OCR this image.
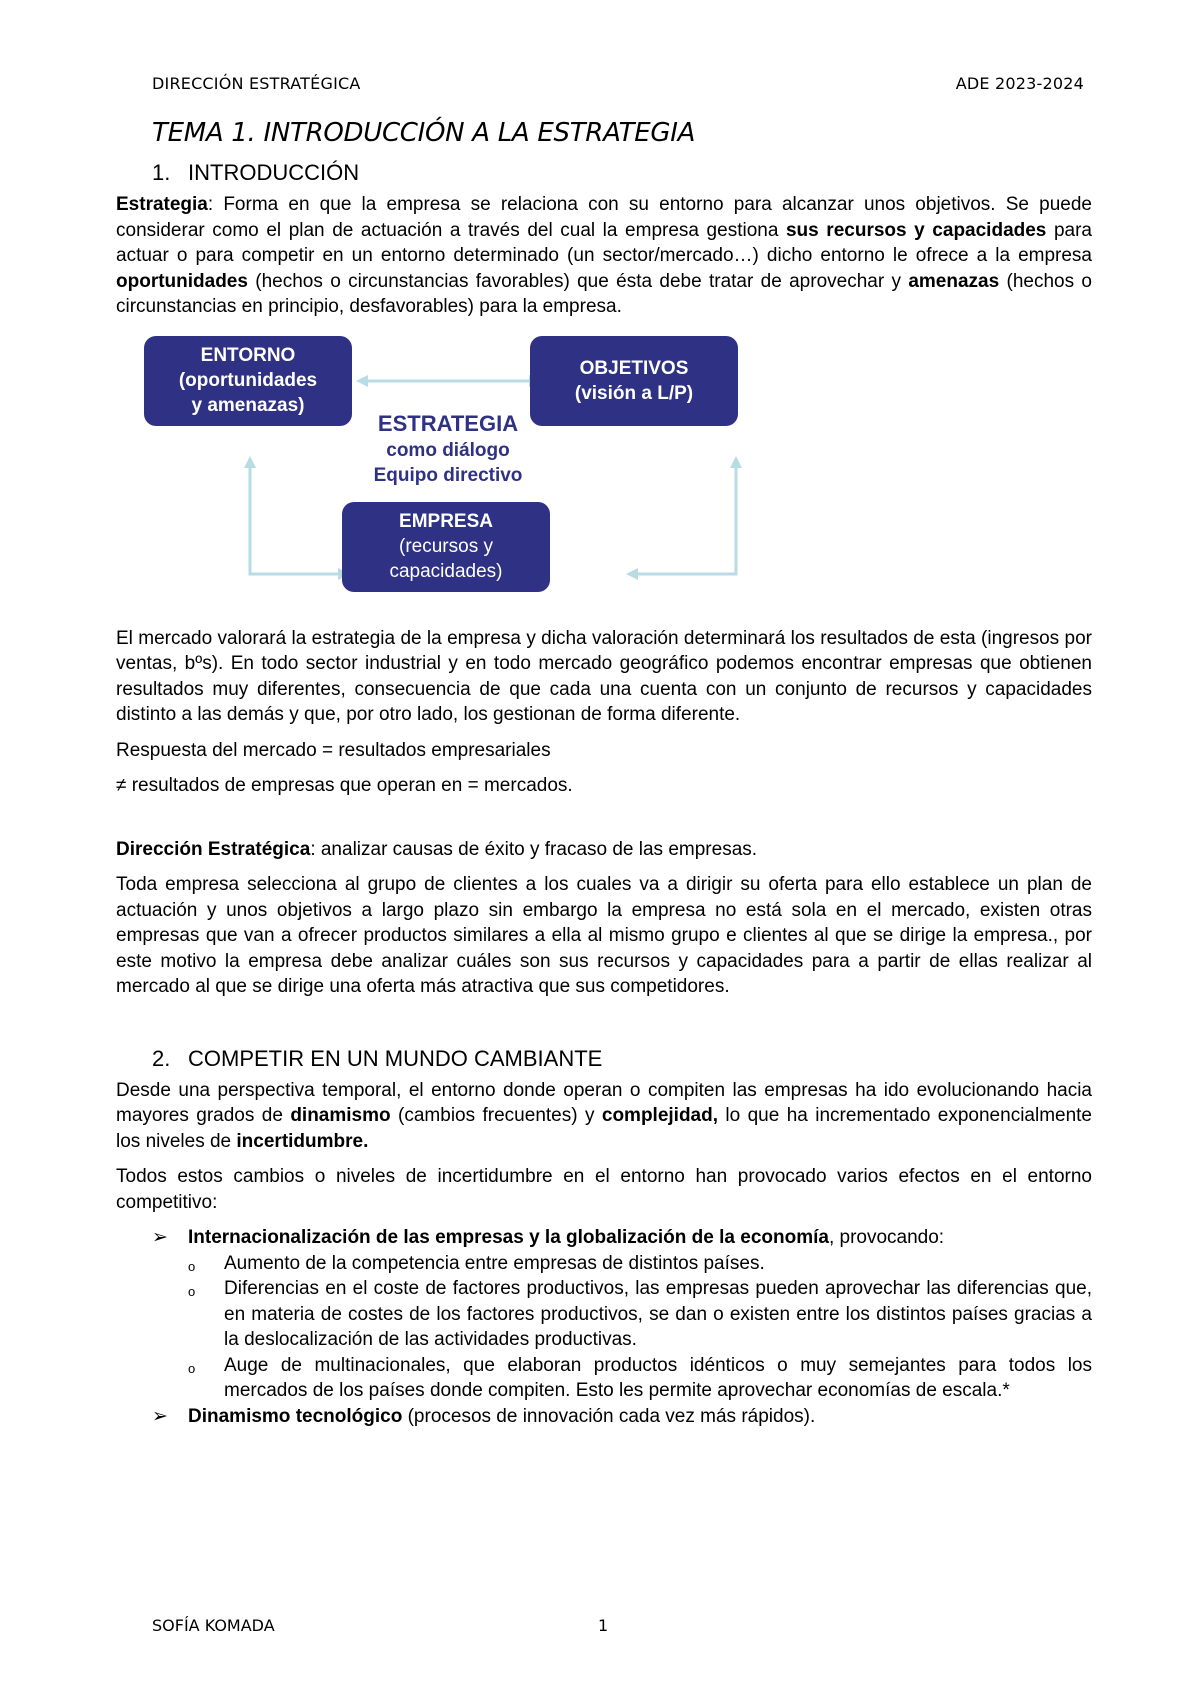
DIRECCIÓN ESTRATÉGICA	ADE 2023-2024
TEMA 1. INTRODUCCIÓN A LA ESTRATEGIA
1. INTRODUCCIÓN

Estrategia: Forma en que la empresa se relaciona con su entorno para alcanzar unos objetivos. Se puede considerar como el plan de actuación a través del cual la empresa gestiona sus recursos y capacidades para actuar o para competir en un entorno determinado (un sector/mercado…) dicho entorno le ofrece a la empresa oportunidades (hechos o circunstancias favorables) que ésta debe tratar de aprovechar y amenazas (hechos o circunstancias en principio, desfavorables) para la empresa.

ENTORNO
(oportunidades
y amenazas)
OBJETIVOS
(visión a L/P)
ESTRATEGIA
como diálogo
Equipo directivo
EMPRESA
(recursos y
capacidades)

El mercado valorará la estrategia de la empresa y dicha valoración determinará los resultados de esta (ingresos por ventas, bºs). En todo sector industrial y en todo mercado geográfico podemos encontrar empresas que obtienen resultados muy diferentes, consecuencia de que cada una cuenta con un conjunto de recursos y capacidades distinto a las demás y que, por otro lado, los gestionan de forma diferente.

Respuesta del mercado = resultados empresariales

≠ resultados de empresas que operan en = mercados.

Dirección Estratégica: analizar causas de éxito y fracaso de las empresas.

Toda empresa selecciona al grupo de clientes a los cuales va a dirigir su oferta para ello establece un plan de actuación y unos objetivos a largo plazo sin embargo la empresa no está sola en el mercado, existen otras empresas que van a ofrecer productos similares a ella al mismo grupo e clientes al que se dirige la empresa., por este motivo la empresa debe analizar cuáles son sus recursos y capacidades para a partir de ellas realizar al mercado al que se dirige una oferta más atractiva que sus competidores.

2. COMPETIR EN UN MUNDO CAMBIANTE

Desde una perspectiva temporal, el entorno donde operan o compiten las empresas ha ido evolucionando hacia mayores grados de dinamismo (cambios frecuentes) y complejidad, lo que ha incrementado exponencialmente los niveles de incertidumbre.

Todos estos cambios o niveles de incertidumbre en el entorno han provocado varios efectos en el entorno competitivo:

➢ Internacionalización de las empresas y la globalización de la economía, provocando:
o Aumento de la competencia entre empresas de distintos países.
o Diferencias en el coste de factores productivos, las empresas pueden aprovechar las diferencias que, en materia de costes de los factores productivos, se dan o existen entre los distintos países gracias a la deslocalización de las actividades productivas.
o Auge de multinacionales, que elaboran productos idénticos o muy semejantes para todos los mercados de los países donde compiten. Esto les permite aprovechar economías de escala.*
➢ Dinamismo tecnológico (procesos de innovación cada vez más rápidos).
SOFÍA KOMADA	1
